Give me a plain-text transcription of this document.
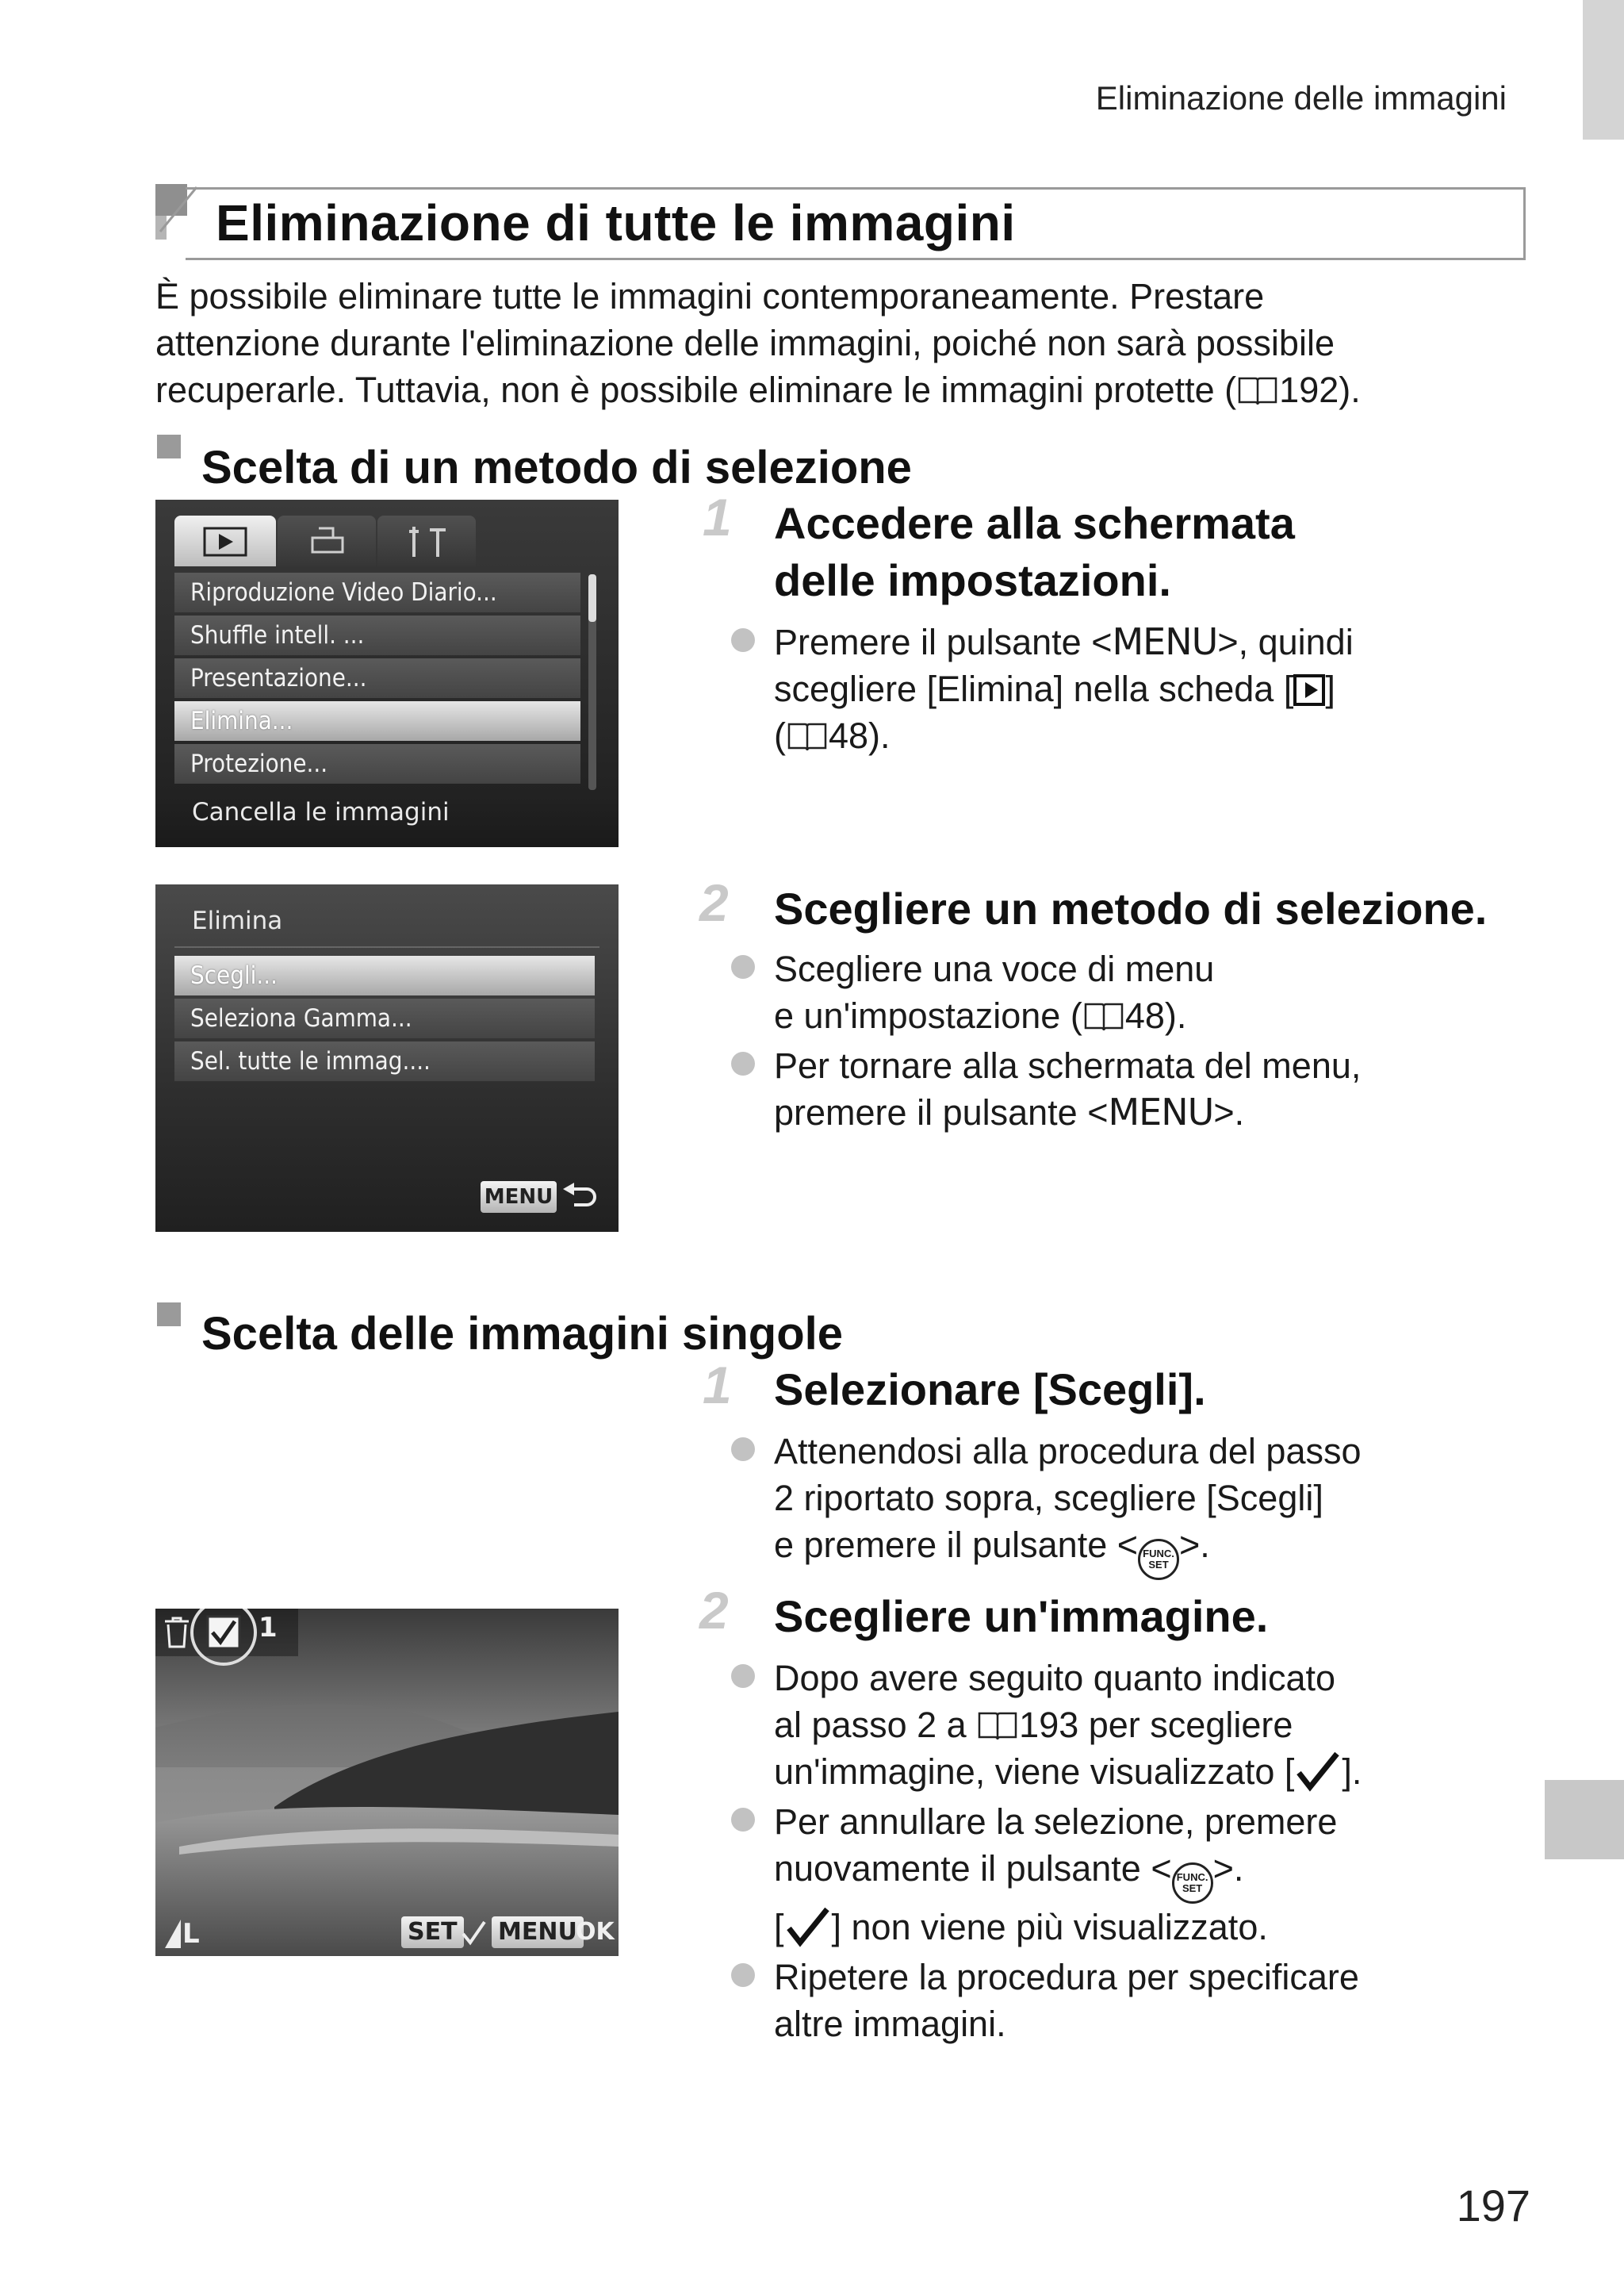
Eliminazione delle immagini
Eliminazione di tutte le immagini
È possibile eliminare tutte le immagini contemporaneamente. Prestare
attenzione durante l'eliminazione delle immagini, poiché non sarà possibile
recuperarle. Tuttavia, non è possibile eliminare le immagini protette ( 192).
Scelta di un metodo di selezione
Riproduzione Video Diario...
Shuffle intell. ...
Presentazione...
Elimina...
Protezione...
Cancella le immagini
1 Accedere alla schermata
delle impostazioni.
Premere il pulsante <MENU>, quindi
scegliere [Elimina] nella scheda [ ]
( 48).
Elimina
Scegli...
Seleziona Gamma...
Sel. tutte le immag....
MENU
2 Scegliere un metodo di selezione.
Scegliere una voce di menu
e un'impostazione ( 48).
Per tornare alla schermata del menu,
premere il pulsante <MENU>.
Scelta delle immagini singole
1 Selezionare [Scegli].
Attenendosi alla procedura del passo
2 riportato sopra, scegliere [Scegli]
e premere il pulsante < FUNC.
SET >.
1
L	SET MENU
OK
2 Scegliere un'immagine.
Dopo avere seguito quanto indicato
al passo 2 a 193 per scegliere
un'immagine, viene visualizzato [ ].
Per annullare la selezione, premere
nuovamente il pulsante < FUNC.
SET >.
[ ] non viene più visualizzato.
Ripetere la procedura per specificare
altre immagini.
197
